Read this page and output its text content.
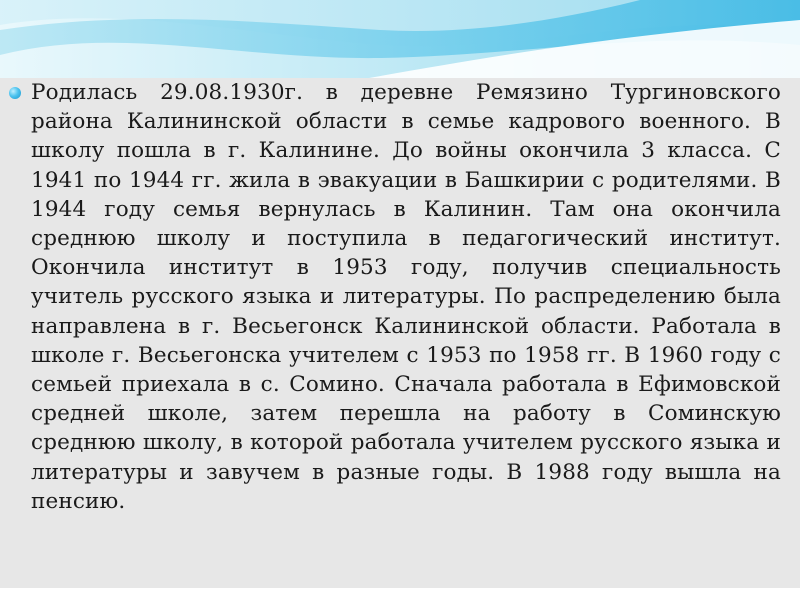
Родилась 29.08.1930г. в деревне Ремязино Тургиновского района Калининской области в семье кадрового военного. В школу пошла в г. Калинине. До войны окончила 3 класса. С 1941 по 1944 гг. жила в эвакуации в Башкирии с родителями. В 1944 году семья вернулась в Калинин. Там она окончила среднюю школу и поступила в педагогический институт. Окончила институт в 1953 году, получив специальность учитель русского языка и литературы. По распределению была направлена в г. Весьегонск Калининской области. Работала в школе г. Весьегонска учителем с 1953 по 1958 гг. В 1960 году с семьей приехала в с. Сомино. Сначала работала в Ефимовской средней школе, затем перешла на работу в Соминскую среднюю школу, в которой работала учителем русского языка и литературы и завучем в разные годы. В 1988 году вышла на пенсию.
